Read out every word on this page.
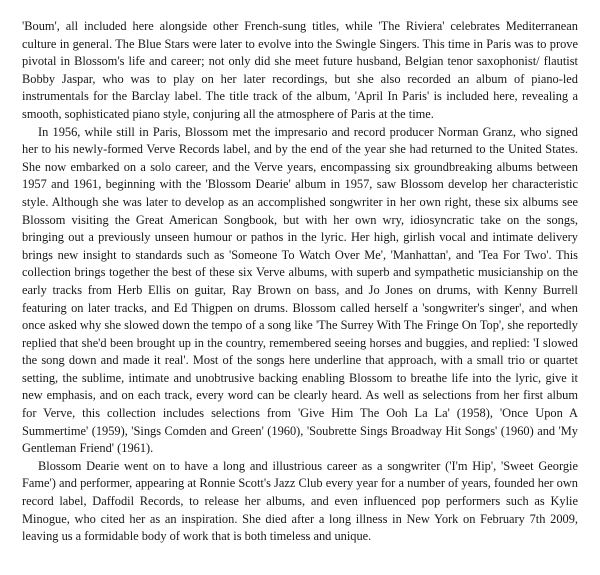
'Boum', all included here alongside other French-sung titles, while 'The Riviera' celebrates Mediterranean culture in general. The Blue Stars were later to evolve into the Swingle Singers. This time in Paris was to prove pivotal in Blossom's life and career; not only did she meet future husband, Belgian tenor saxophonist/ flautist Bobby Jaspar, who was to play on her later recordings, but she also recorded an album of piano-led instrumentals for the Barclay label. The title track of the album, 'April In Paris' is included here, revealing a smooth, sophisticated piano style, conjuring all the atmosphere of Paris at the time.

In 1956, while still in Paris, Blossom met the impresario and record producer Norman Granz, who signed her to his newly-formed Verve Records label, and by the end of the year she had returned to the United States. She now embarked on a solo career, and the Verve years, encompassing six groundbreaking albums between 1957 and 1961, beginning with the 'Blossom Dearie' album in 1957, saw Blossom develop her characteristic style. Although she was later to develop as an accomplished songwriter in her own right, these six albums see Blossom visiting the Great American Songbook, but with her own wry, idiosyncratic take on the songs, bringing out a previously unseen humour or pathos in the lyric. Her high, girlish vocal and intimate delivery brings new insight to standards such as 'Someone To Watch Over Me', 'Manhattan', and 'Tea For Two'. This collection brings together the best of these six Verve albums, with superb and sympathetic musicianship on the early tracks from Herb Ellis on guitar, Ray Brown on bass, and Jo Jones on drums, with Kenny Burrell featuring on later tracks, and Ed Thigpen on drums. Blossom called herself a 'songwriter's singer', and when once asked why she slowed down the tempo of a song like 'The Surrey With The Fringe On Top', she reportedly replied that she'd been brought up in the country, remembered seeing horses and buggies, and replied: 'I slowed the song down and made it real'. Most of the songs here underline that approach, with a small trio or quartet setting, the sublime, intimate and unobtrusive backing enabling Blossom to breathe life into the lyric, give it new emphasis, and on each track, every word can be clearly heard. As well as selections from her first album for Verve, this collection includes selections from 'Give Him The Ooh La La' (1958), 'Once Upon A Summertime' (1959), 'Sings Comden and Green' (1960), 'Soubrette Sings Broadway Hit Songs' (1960) and 'My Gentleman Friend' (1961).

Blossom Dearie went on to have a long and illustrious career as a songwriter ('I'm Hip', 'Sweet Georgie Fame') and performer, appearing at Ronnie Scott's Jazz Club every year for a number of years, founded her own record label, Daffodil Records, to release her albums, and even influenced pop performers such as Kylie Minogue, who cited her as an inspiration. She died after a long illness in New York on February 7th 2009, leaving us a formidable body of work that is both timeless and unique.
